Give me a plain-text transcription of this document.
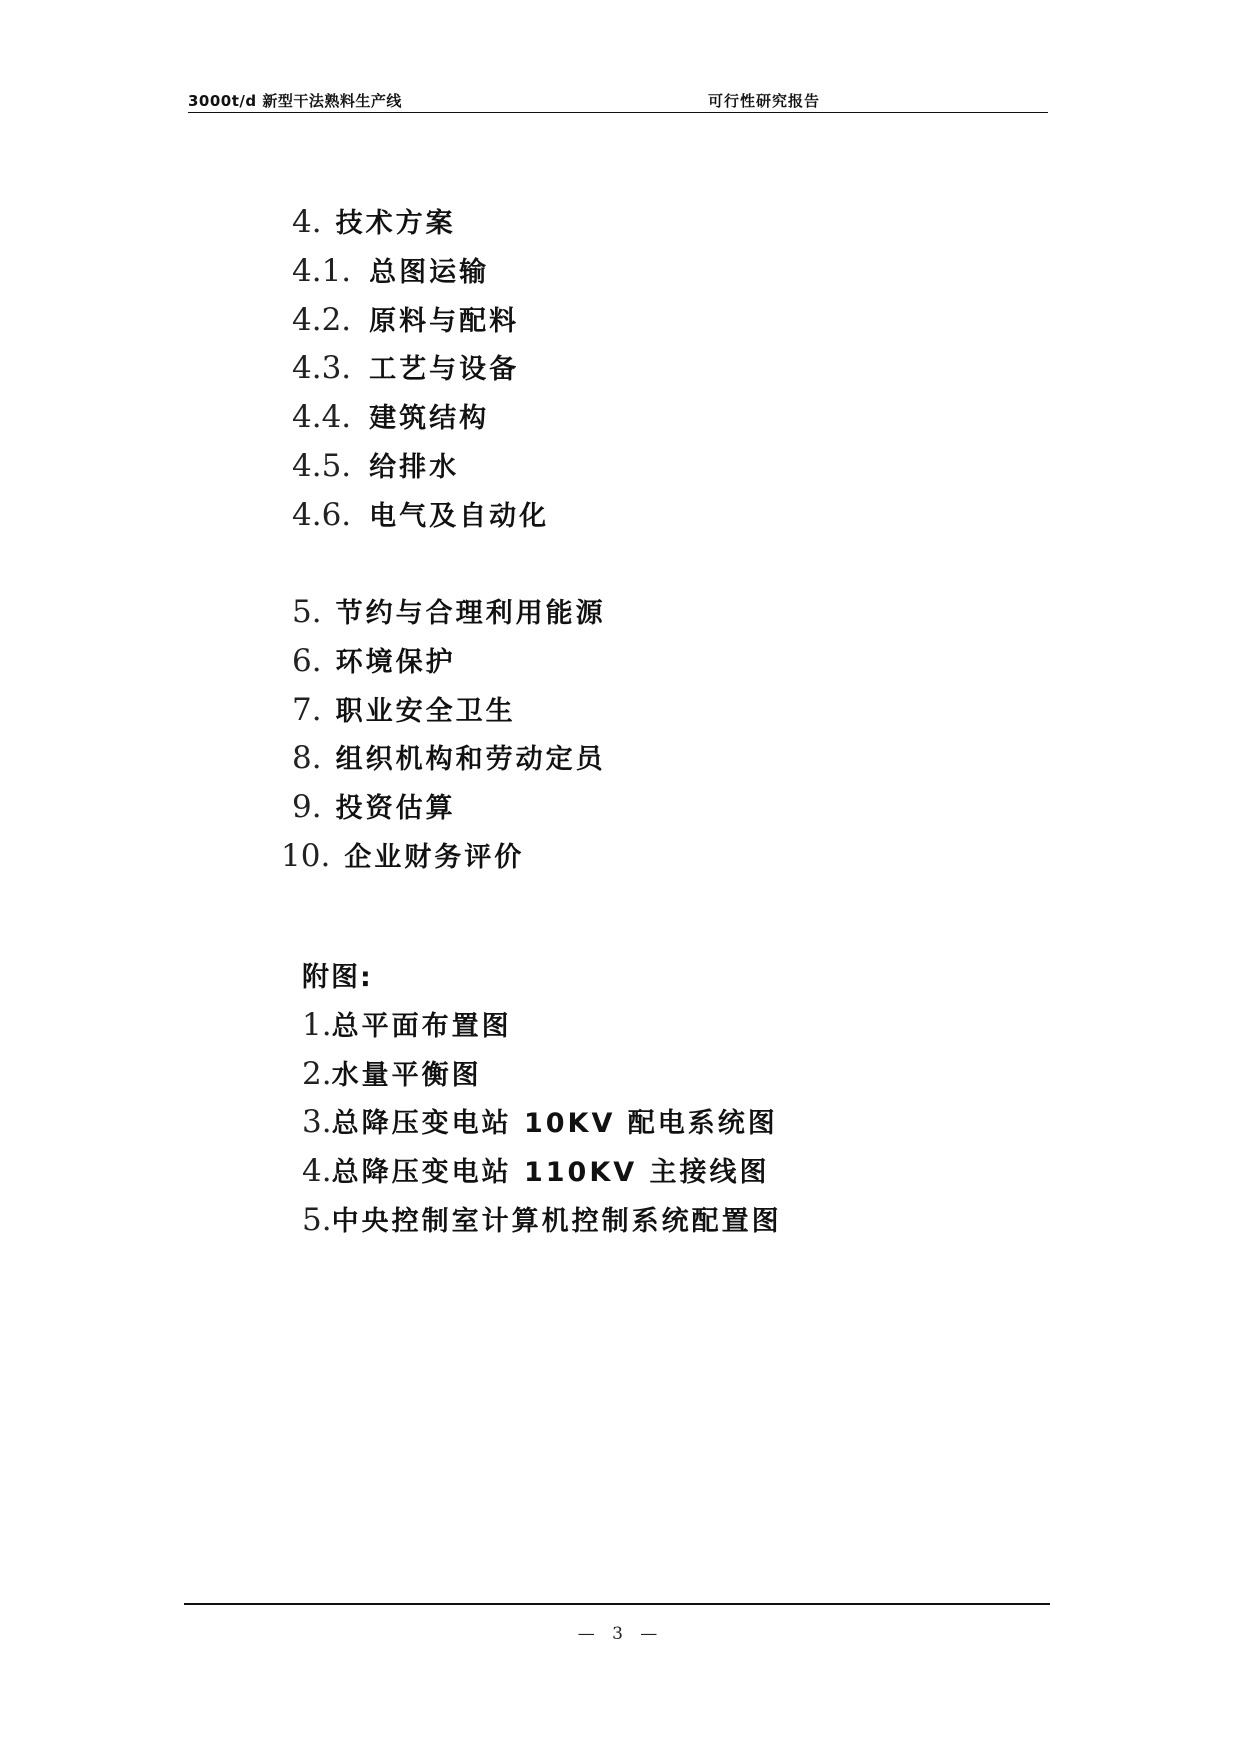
3000t/d 新型干法熟料生产线	可行性研究报告
4. 技术方案
4.1. 总图运输
4.2. 原料与配料
4.3. 工艺与设备
4.4. 建筑结构
4.5. 给排水
4.6. 电气及自动化
5. 节约与合理利用能源
6. 环境保护
7. 职业安全卫生
8. 组织机构和劳动定员
9. 投资估算
10. 企业财务评价
附图:
1. 总平面布置图
2. 水量平衡图
3. 总降压变电站 10KV 配电系统图
4. 总降压变电站 110KV 主接线图
5. 中央控制室计算机控制系统配置图
— 3 —
